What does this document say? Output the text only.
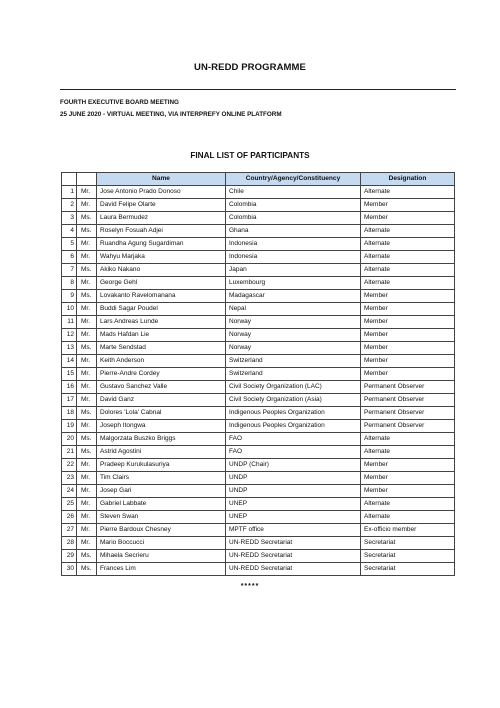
UN-REDD PROGRAMME
FOURTH EXECUTIVE BOARD MEETING
25 JUNE 2020 - VIRTUAL MEETING, VIA INTERPREFY ONLINE PLATFORM
FINAL LIST OF PARTICIPANTS
		Name	Country/Agency/Constituency	Designation
1	Mr.	Jose Antonio Prado Donoso	Chile	Alternate
2	Mr.	David Felipe Olarte	Colombia	Member
3	Ms.	Laura Bermudez	Colombia	Member
4	Ms.	Roselyn Fosuah Adjei	Ghana	Alternate
5	Mr.	Ruandha Agung Sugardiman	Indonesia	Alternate
6	Mr.	Wahyu Marjaka	Indonesia	Alternate
7	Ms.	Akiko Nakano	Japan	Alternate
8	Mr.	George Gehl	Luxembourg	Alternate
9	Ms.	Lovakanto Ravelomanana	Madagascar	Member
10	Mr.	Buddi Sagar Poudel	Nepal	Member
11	Mr.	Lars Andreas Lunde	Norway	Member
12	Mr.	Mads Hafdan Lie	Norway	Member
13	Ms.	Marte Sendstad	Norway	Member
14	Mr.	Keith Anderson	Switzerland	Member
15	Mr.	Pierre-Andre Cordey	Switzerland	Member
16	Mr.	Gustavo Sanchez Valle	Civil Society Organization (LAC)	Permanent Observer
17	Mr.	David Ganz	Civil Society Organization (Asia)	Permanent Observer
18	Ms.	Dolores 'Lola' Cabnal	Indigenous Peoples Organization	Permanent Observer
19	Mr.	Joseph Itongwa	Indigenous Peoples Organization	Permanent Observer
20	Ms.	Malgorzata Buszko Briggs	FAO	Alternate
21	Ms.	Astrid Agostini	FAO	Alternate
22	Mr.	Pradeep Kurukulasuriya	UNDP (Chair)	Member
23	Mr.	Tim Clairs	UNDP	Member
24	Mr.	Josep Gari	UNDP	Member
25	Mr.	Gabriel Labbate	UNEP	Alternate
26	Mr.	Steven Swan	UNEP	Alternate
27	Mr.	Pierre Bardoux Chesney	MPTF office	Ex-officio member
28	Mr.	Mario Boccucci	UN-REDD Secretariat	Secretariat
29	Ms.	Mihaela Secrieru	UN-REDD Secretariat	Secretariat
30	Ms.	Frances Lim	UN-REDD Secretariat	Secretariat
*****
